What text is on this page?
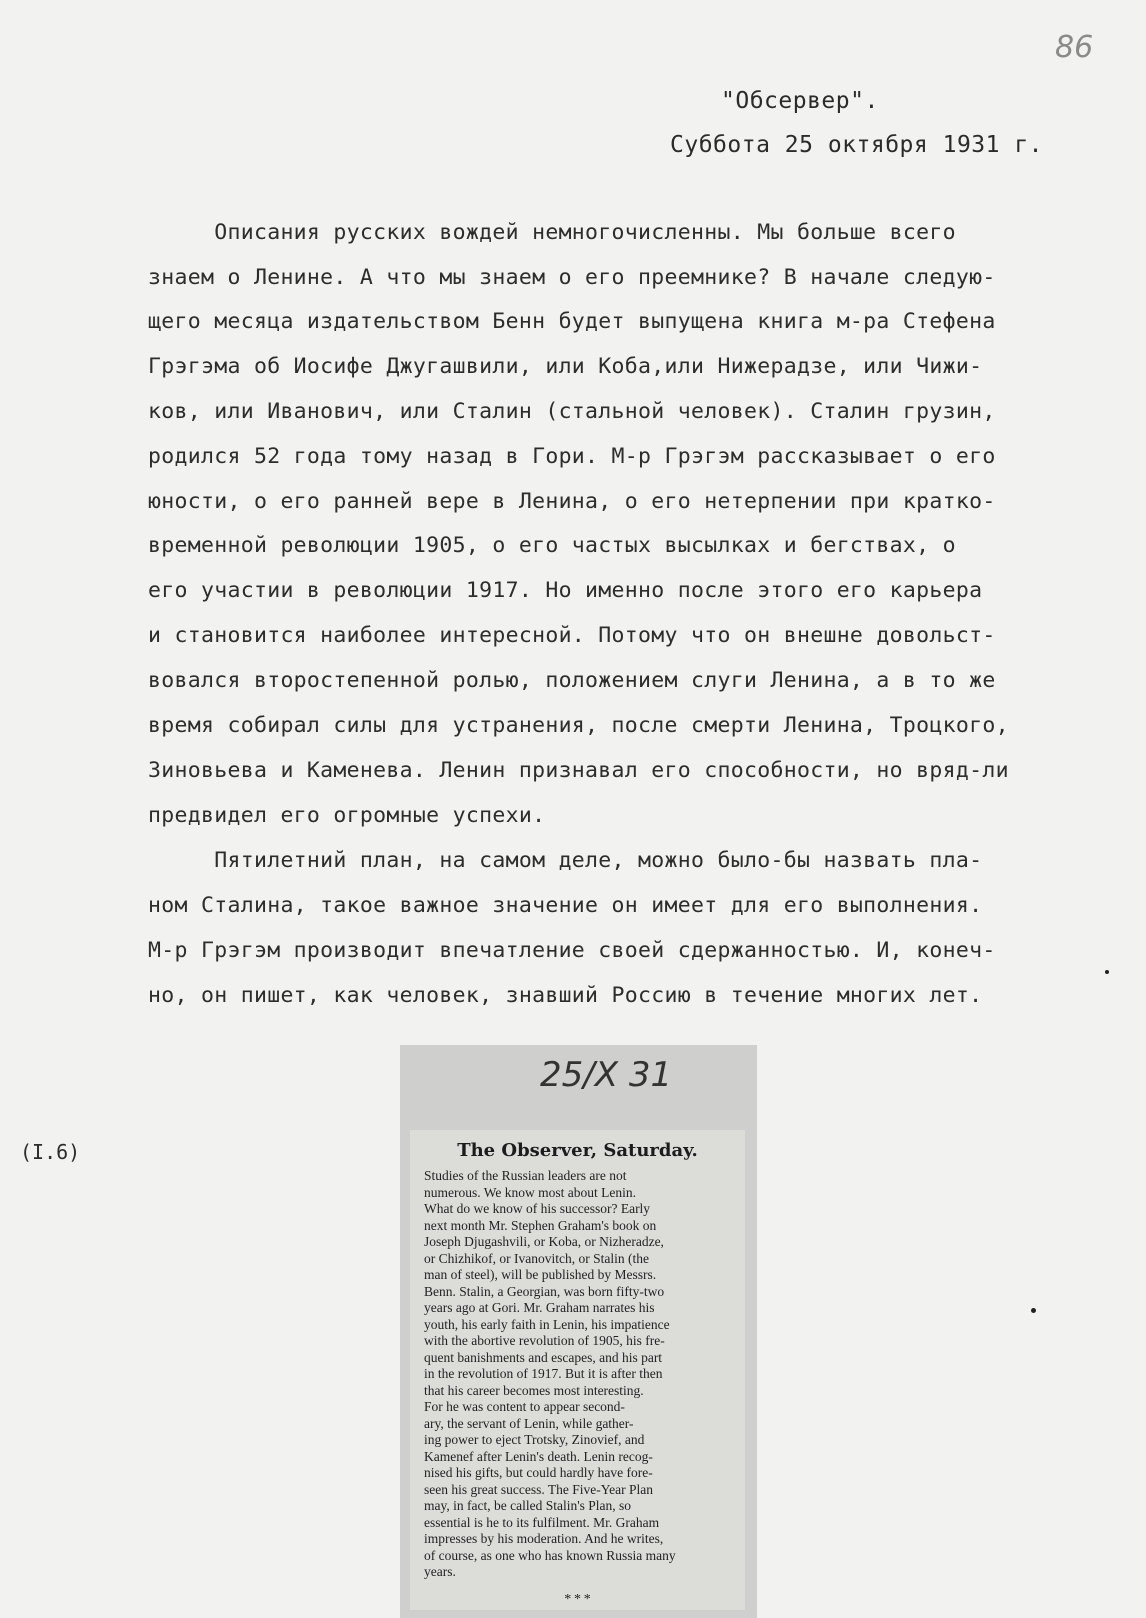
86
"Обсервер".
Суббота 25 октября 1931 г.
Описания русских вождей немногочисленны. Мы больше всего
знаем о Ленине. А что мы знаем о его преемнике? В начале следую-
щего месяца издательством Бенн будет выпущена книга м-ра Стефена
Грэгэма об Иосифе Джугашвили, или Коба,или Нижерадзе, или Чижи-
ков, или Иванович, или Сталин (стальной человек). Сталин грузин,
родился 52 года тому назад в Гори. М-р Грэгэм рассказывает о его
юности, о его ранней вере в Ленина, о его нетерпении при кратко-
временной революции 1905, о его частых высылках и бегствах, о
его участии в революции 1917. Но именно после этого его карьера
и становится наиболее интересной. Потому что он внешне довольст-
вовался второстепенной ролью, положением слуги Ленина, а в то же
время собирал силы для устранения, после смерти Ленина, Троцкого,
Зиновьева и Каменева. Ленин признавал его способности, но вряд-ли
предвидел его огромные успехи.
Пятилетний план, на самом деле, можно было-бы назвать пла-
ном Сталина, такое важное значение он имеет для его выполнения.
М-р Грэгэм производит впечатление своей сдержанностью. И, конеч-
но, он пишет, как человек, знавший Россию в течение многих лет.
(I.6)
25/X 31
The Observer, Saturday.
Studies of the Russian leaders are not
numerous. We know most about Lenin.
What do we know of his successor? Early
next month Mr. Stephen Graham's book on
Joseph Djugashvili, or Koba, or Nizheradze,
or Chizhikof, or Ivanovitch, or Stalin (the
man of steel), will be published by Messrs.
Benn. Stalin, a Georgian, was born fifty-two
years ago at Gori. Mr. Graham narrates his
youth, his early faith in Lenin, his impatience
with the abortive revolution of 1905, his fre-
quent banishments and escapes, and his part
in the revolution of 1917. But it is after then
that his career becomes most interesting.
For he was content to appear second-
ary, the servant of Lenin, while gather-
ing power to eject Trotsky, Zinovief, and
Kamenef after Lenin's death. Lenin recog-
nised his gifts, but could hardly have fore-
seen his great success. The Five-Year Plan
may, in fact, be called Stalin's Plan, so
essential is he to its fulfilment. Mr. Graham
impresses by his moderation. And he writes,
of course, as one who has known Russia many
years.
* * *
